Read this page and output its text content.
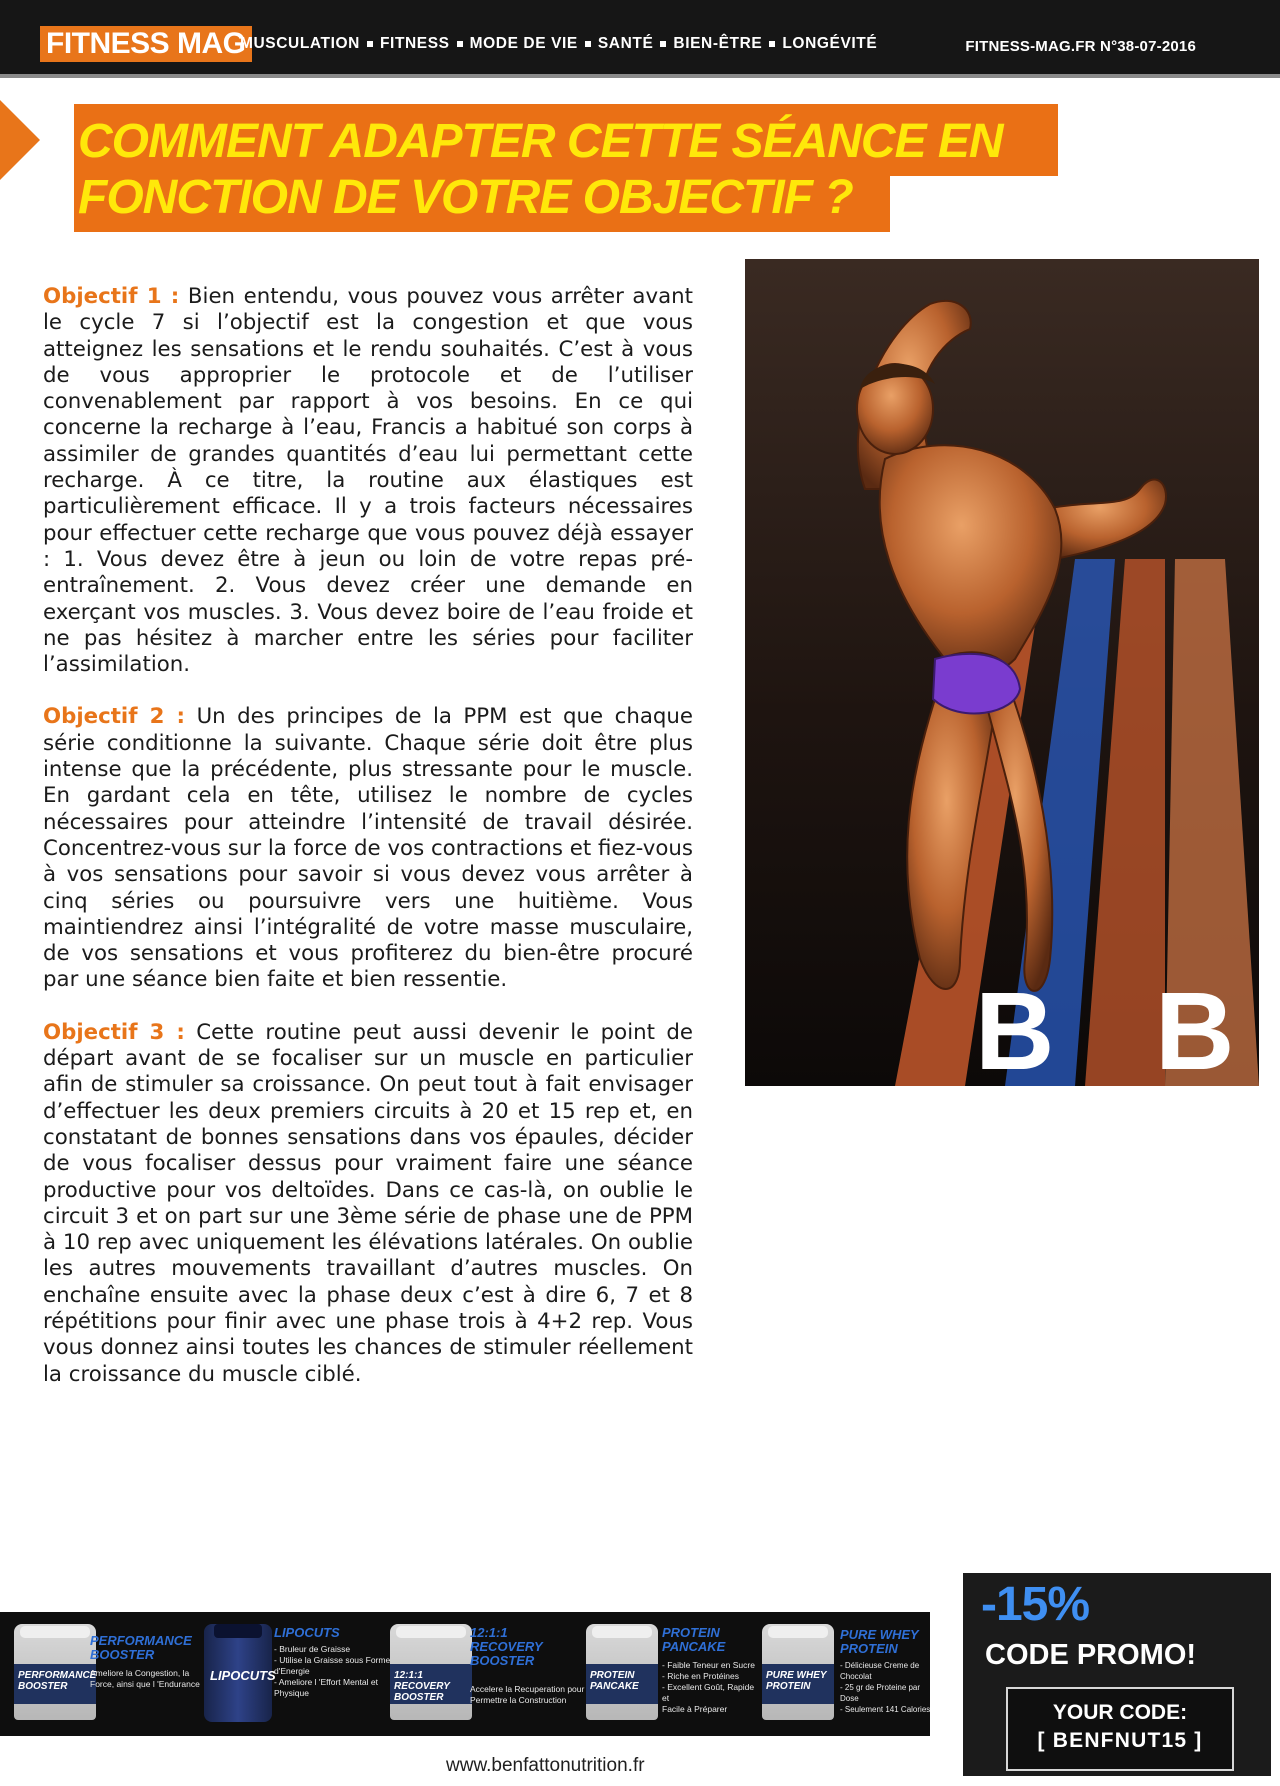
FITNESS MAG
MUSCULATION FITNESS MODE DE VIE SANTÉ BIEN-ÊTRE LONGÉVITÉ	FITNESS-MAG.FR N°38-07-2016
COMMENT ADAPTER CETTE SÉANCE EN FONCTION DE VOTRE OBJECTIF ?

Objectif 1 : Bien entendu, vous pouvez vous arrêter avant le cycle 7 si l’objectif est la congestion et que vous atteignez les sensations et le rendu souhaités. C’est à vous de vous approprier le protocole et de l’utiliser convenablement par rapport à vos besoins. En ce qui concerne la recharge à l’eau, Francis a habitué son corps à assimiler de grandes quantités d’eau lui permettant cette recharge. À ce titre, la routine aux élastiques est particulièrement efficace. Il y a trois facteurs nécessaires pour effectuer cette recharge que vous pouvez déjà essayer : 1. Vous devez être à jeun ou loin de votre repas pré-entraînement. 2. Vous devez créer une demande en exerçant vos muscles. 3. Vous devez boire de l’eau froide et ne pas hésitez à marcher entre les séries pour faciliter l’assimilation.

Objectif 2 : Un des principes de la PPM est que chaque série conditionne la suivante. Chaque série doit être plus intense que la précédente, plus stressante pour le muscle. En gardant cela en tête, utilisez le nombre de cycles nécessaires pour atteindre l’intensité de travail désirée. Concentrez-vous sur la force de vos contractions et fiez-vous à vos sensations pour savoir si vous devez vous arrêter à cinq séries ou poursuivre vers une huitième. Vous maintiendrez ainsi l’intégralité de votre masse musculaire, de vos sensations et vous profiterez du bien-être procuré par une séance bien faite et bien ressentie.

Objectif 3 : Cette routine peut aussi devenir le point de départ avant de se focaliser sur un muscle en particulier afin de stimuler sa croissance. On peut tout à fait envisager d’effectuer les deux premiers circuits à 20 et 15 rep et, en constatant de bonnes sensations dans vos épaules, décider de vous focaliser dessus pour vraiment faire une séance productive pour vos deltoïdes. Dans ce cas-là, on oublie le circuit 3 et on part sur une 3ème série de phase une de PPM à 10 rep avec uniquement les élévations latérales. On oublie les autres mouvements travaillant d’autres muscles. On enchaîne ensuite avec la phase deux c’est à dire 6, 7 et 8 répétitions pour finir avec une phase trois à 4+2 rep. Vous vous donnez ainsi toutes les chances de stimuler réellement la croissance du muscle ciblé.

B B
PERFORMANCE BOOSTER
PERFORMANCE BOOSTER
Ameliore la Congestion, la
Force, ainsi que l 'Endurance
LIPOCUTS
LIPOCUTS
- Bruleur de Graisse
- Utilise la Graisse sous Forme
d'Energie
- Ameliore l 'Effort Mental et
Physique
12:1:1 RECOVERY BOOSTER
12:1:1 RECOVERY BOOSTER
Accelere la Recuperation pour
Permettre la Construction
PROTEIN PANCAKE
PROTEIN PANCAKE
- Faible Teneur en Sucre
- Riche en Protéines
- Excellent Goût, Rapide et
Facile à Préparer
PURE WHEY PROTEIN
PURE WHEY PROTEIN
- Délicieuse Creme de Chocolat
- 25 gr de Proteine par Dose
- Seulement 141 Calories
-15%
CODE PROMO!
YOUR CODE:
[ BENFNUT15 ]
www.benfattonutrition.fr
